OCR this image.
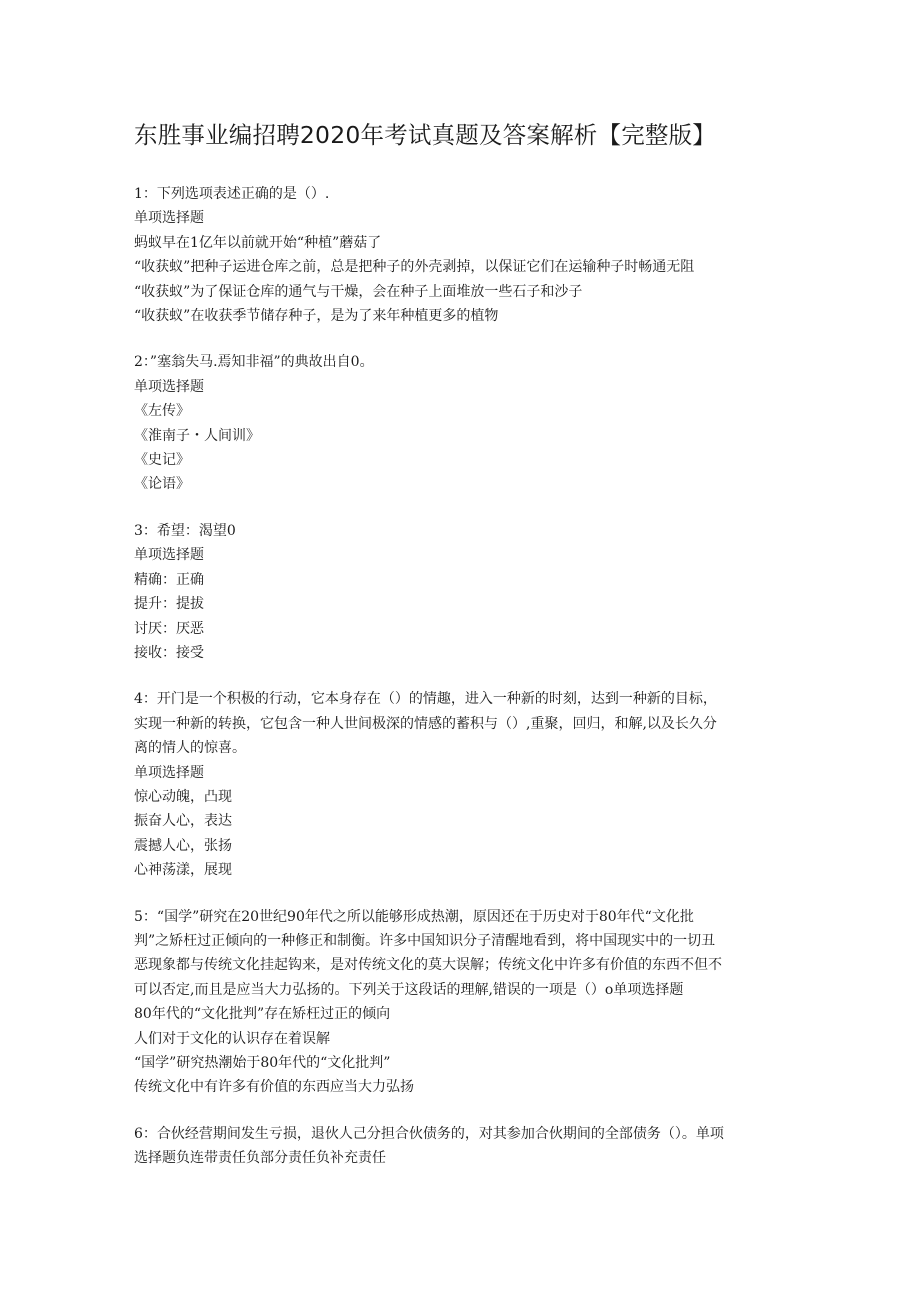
东胜事业编招聘2020年考试真题及答案解析【完整版】
1：下列选项表述正确的是（）.
单项选择题
蚂蚁早在1亿年以前就开始“种植”蘑菇了
“收获蚁”把种子运进仓库之前，总是把种子的外壳剥掉，以保证它们在运输种子时畅通无阻
“收获蚁”为了保证仓库的通气与干燥，会在种子上面堆放一些石子和沙子
“收获蚁”在收获季节储存种子，是为了来年种植更多的植物
2：”塞翁失马.焉知非福”的典故出自0。
单项选择题
《左传》
《淮南子・人间训》
《史记》
《论语》
3：希望：渴望0
单项选择题
精确：正确
提升：提拔
讨厌：厌恶
接收：接受
4：开门是一个积极的行动，它本身存在（）的情趣，进入一种新的时刻，达到一种新的目标，
实现一种新的转换，它包含一种人世间极深的情感的蓄积与（）,重聚，回归，和解,以及长久分
离的情人的惊喜。
单项选择题
惊心动魄，凸现
振奋人心，表达
震撼人心，张扬
心神荡漾，展现
5：“国学”研究在20世纪90年代之所以能够形成热潮，原因还在于历史对于80年代“文化批
判”之矫枉过正倾向的一种修正和制衡。许多中国知识分子清醒地看到，将中国现实中的一切丑
恶现象都与传统文化挂起钩来，是对传统文化的莫大误解；传统文化中许多有价值的东西不但不
可以否定,而且是应当大力弘扬的。下列关于这段话的理解,错误的一项是（）o单项选择题
80年代的“文化批判”存在矫枉过正的倾向
人们对于文化的认识存在着误解
“国学”研究热潮始于80年代的“文化批判”
传统文化中有许多有价值的东西应当大力弘扬
6：合伙经营期间发生亏损，退伙人己分担合伙债务的，对其参加合伙期间的全部债务（）。单项
选择题负连带责任负部分责任负补充责任
